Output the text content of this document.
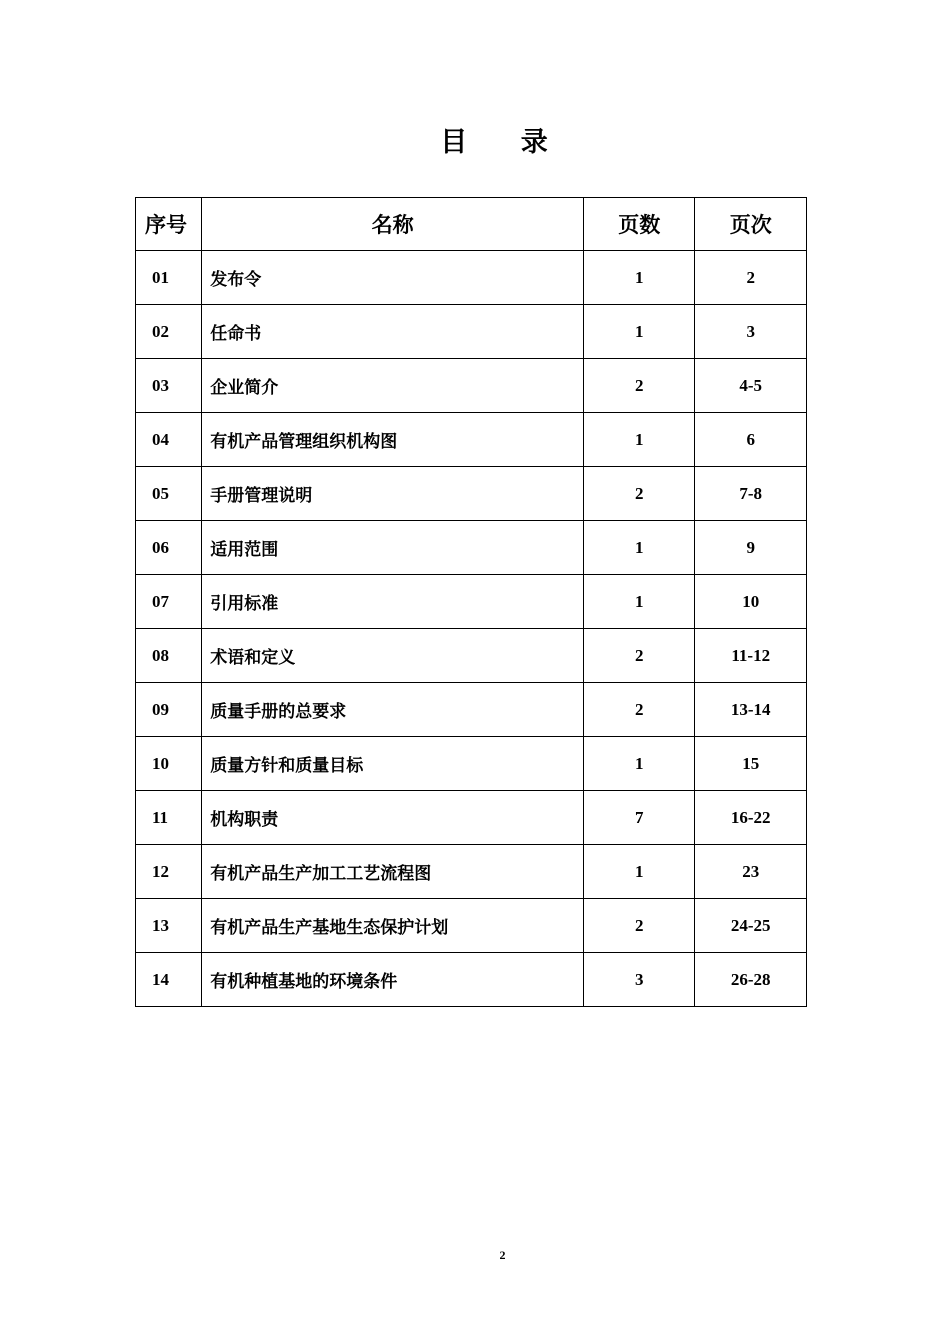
目 录
序号	名称	页数	页次
01	发布令	1	2
02	任命书	1	3
03	企业简介	2	4-5
04	有机产品管理组织机构图	1	6
05	手册管理说明	2	7-8
06	适用范围	1	9
07	引用标准	1	10
08	术语和定义	2	11-12
09	质量手册的总要求	2	13-14
10	质量方针和质量目标	1	15
11	机构职责	7	16-22
12	有机产品生产加工工艺流程图	1	23
13	有机产品生产基地生态保护计划	2	24-25
14	有机种植基地的环境条件	3	26-28
2
